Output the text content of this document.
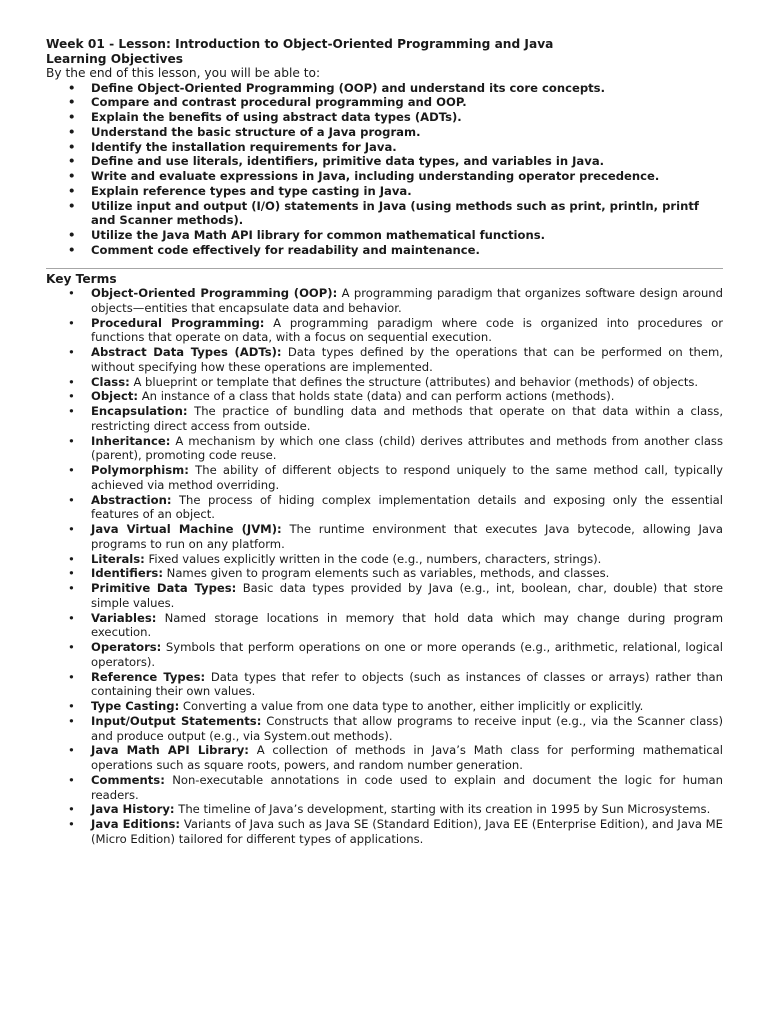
Week 01 - Lesson: Introduction to Object-Oriented Programming and Java

Learning Objectives

By the end of this lesson, you will be able to:

• Define Object-Oriented Programming (OOP) and understand its core concepts.
• Compare and contrast procedural programming and OOP.
• Explain the benefits of using abstract data types (ADTs).
• Understand the basic structure of a Java program.
• Identify the installation requirements for Java.
• Define and use literals, identifiers, primitive data types, and variables in Java.
• Write and evaluate expressions in Java, including understanding operator precedence.
• Explain reference types and type casting in Java.
• Utilize input and output (I/O) statements in Java (using methods such as print, println, printf and Scanner methods).
• Utilize the Java Math API library for common mathematical functions.
• Comment code effectively for readability and maintenance.

Key Terms

• Object-Oriented Programming (OOP): A programming paradigm that organizes software design around objects—entities that encapsulate data and behavior.
• Procedural Programming: A programming paradigm where code is organized into procedures or functions that operate on data, with a focus on sequential execution.
• Abstract Data Types (ADTs): Data types defined by the operations that can be performed on them, without specifying how these operations are implemented.
• Class: A blueprint or template that defines the structure (attributes) and behavior (methods) of objects.
• Object: An instance of a class that holds state (data) and can perform actions (methods).
• Encapsulation: The practice of bundling data and methods that operate on that data within a class, restricting direct access from outside.
• Inheritance: A mechanism by which one class (child) derives attributes and methods from another class (parent), promoting code reuse.
• Polymorphism: The ability of different objects to respond uniquely to the same method call, typically achieved via method overriding.
• Abstraction: The process of hiding complex implementation details and exposing only the essential features of an object.
• Java Virtual Machine (JVM): The runtime environment that executes Java bytecode, allowing Java programs to run on any platform.
• Literals: Fixed values explicitly written in the code (e.g., numbers, characters, strings).
• Identifiers: Names given to program elements such as variables, methods, and classes.
• Primitive Data Types: Basic data types provided by Java (e.g., int, boolean, char, double) that store simple values.
• Variables: Named storage locations in memory that hold data which may change during program execution.
• Operators: Symbols that perform operations on one or more operands (e.g., arithmetic, relational, logical operators).
• Reference Types: Data types that refer to objects (such as instances of classes or arrays) rather than containing their own values.
• Type Casting: Converting a value from one data type to another, either implicitly or explicitly.
• Input/Output Statements: Constructs that allow programs to receive input (e.g., via the Scanner class) and produce output (e.g., via System.out methods).
• Java Math API Library: A collection of methods in Java’s Math class for performing mathematical operations such as square roots, powers, and random number generation.
• Comments: Non-executable annotations in code used to explain and document the logic for human readers.
• Java History: The timeline of Java’s development, starting with its creation in 1995 by Sun Microsystems.
• Java Editions: Variants of Java such as Java SE (Standard Edition), Java EE (Enterprise Edition), and Java ME (Micro Edition) tailored for different types of applications.
